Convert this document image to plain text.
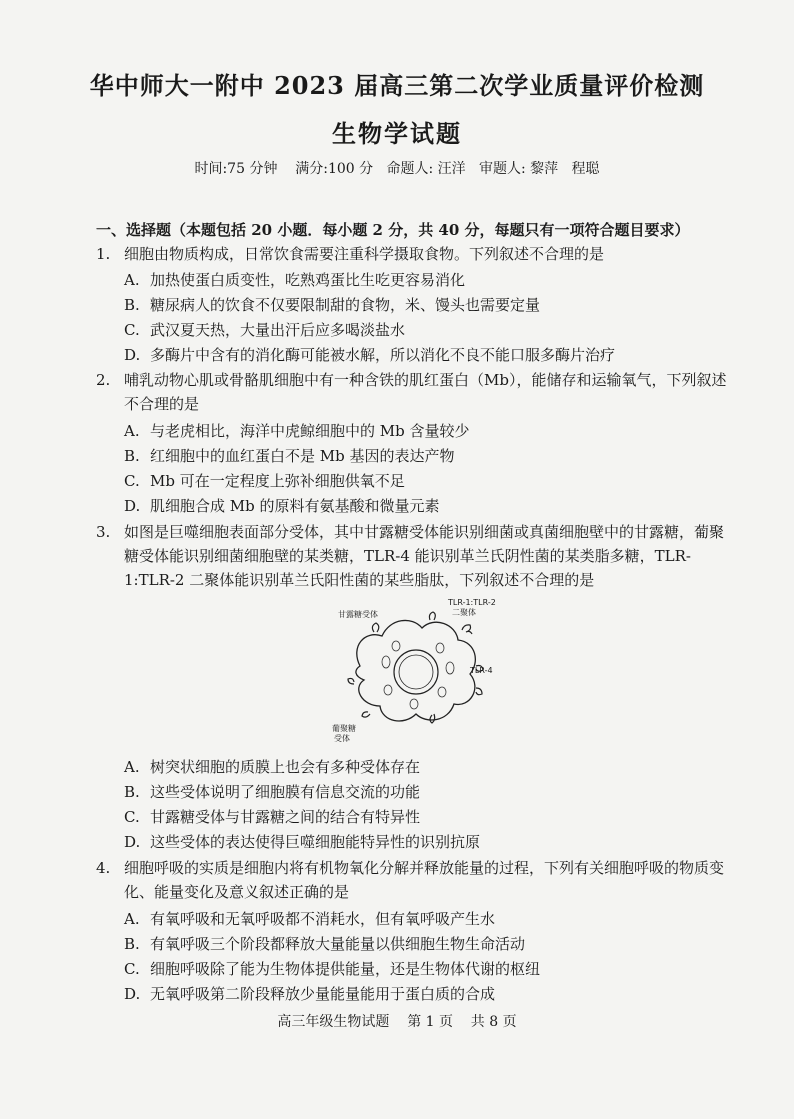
华中师大一附中 2023 届高三第二次学业质量评价检测
生物学试题
时间:75 分钟    满分:100 分   命题人: 汪洋   审题人: 黎萍   程聪
一、选择题（本题包括 20 小题．每小题 2 分，共 40 分，每题只有一项符合题目要求）
1. 细胞由物质构成，日常饮食需要注重科学摄取食物。下列叙述不合理的是
A. 加热使蛋白质变性，吃熟鸡蛋比生吃更容易消化
B. 糖尿病人的饮食不仅要限制甜的食物，米、馒头也需要定量
C. 武汉夏天热，大量出汗后应多喝淡盐水
D. 多酶片中含有的消化酶可能被水解，所以消化不良不能口服多酶片治疗
2. 哺乳动物心肌或骨骼肌细胞中有一种含铁的肌红蛋白（Mb），能储存和运输氧气，下列叙述不合理的是
A. 与老虎相比，海洋中虎鲸细胞中的 Mb 含量较少
B. 红细胞中的血红蛋白不是 Mb 基因的表达产物
C. Mb 可在一定程度上弥补细胞供氧不足
D. 肌细胞合成 Mb 的原料有氨基酸和微量元素
3. 如图是巨噬细胞表面部分受体，其中甘露糖受体能识别细菌或真菌细胞壁中的甘露糖，葡聚糖受体能识别细菌细胞壁的某类糖，TLR-4 能识别革兰氏阴性菌的某类脂多糖，TLR-1:TLR-2 二聚体能识别革兰氏阳性菌的某些脂肽，下列叙述不合理的是
甘露糖受体
TLR-1:TLR-2
二聚体
TLR-4
葡聚糖
受体
A. 树突状细胞的质膜上也会有多种受体存在
B. 这些受体说明了细胞膜有信息交流的功能
C. 甘露糖受体与甘露糖之间的结合有特异性
D. 这些受体的表达使得巨噬细胞能特异性的识别抗原
4. 细胞呼吸的实质是细胞内将有机物氧化分解并释放能量的过程，下列有关细胞呼吸的物质变化、能量变化及意义叙述正确的是
A. 有氧呼吸和无氧呼吸都不消耗水，但有氧呼吸产生水
B. 有氧呼吸三个阶段都释放大量能量以供细胞生物生命活动
C. 细胞呼吸除了能为生物体提供能量，还是生物体代谢的枢纽
D. 无氧呼吸第二阶段释放少量能量能用于蛋白质的合成
高三年级生物试题    第 1 页    共 8 页
